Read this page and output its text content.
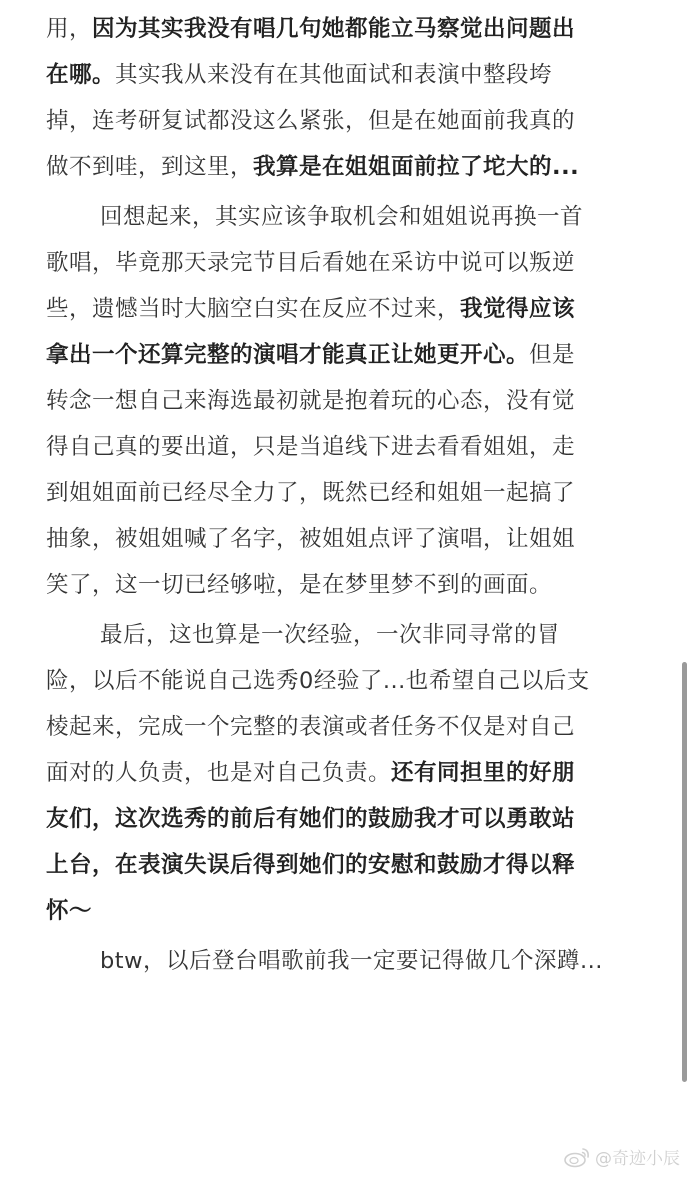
用，因为其实我没有唱几句她都能立马察觉出问题出
在哪。其实我从来没有在其他面试和表演中整段垮
掉，连考研复试都没这么紧张，但是在她面前我真的
做不到哇，到这里，我算是在姐姐面前拉了坨大的...
回想起来，其实应该争取机会和姐姐说再换一首
歌唱，毕竟那天录完节目后看她在采访中说可以叛逆
些，遗憾当时大脑空白实在反应不过来，我觉得应该
拿出一个还算完整的演唱才能真正让她更开心。但是
转念一想自己来海选最初就是抱着玩的心态，没有觉
得自己真的要出道，只是当追线下进去看看姐姐，走
到姐姐面前已经尽全力了，既然已经和姐姐一起搞了
抽象，被姐姐喊了名字，被姐姐点评了演唱，让姐姐
笑了，这一切已经够啦，是在梦里梦不到的画面。
最后，这也算是一次经验，一次非同寻常的冒
险，以后不能说自己选秀0经验了...也希望自己以后支
棱起来，完成一个完整的表演或者任务不仅是对自己
面对的人负责，也是对自己负责。还有同担里的好朋
友们，这次选秀的前后有她们的鼓励我才可以勇敢站
上台，在表演失误后得到她们的安慰和鼓励才得以释
怀～
btw，以后登台唱歌前我一定要记得做几个深蹲...
@奇迹小辰
